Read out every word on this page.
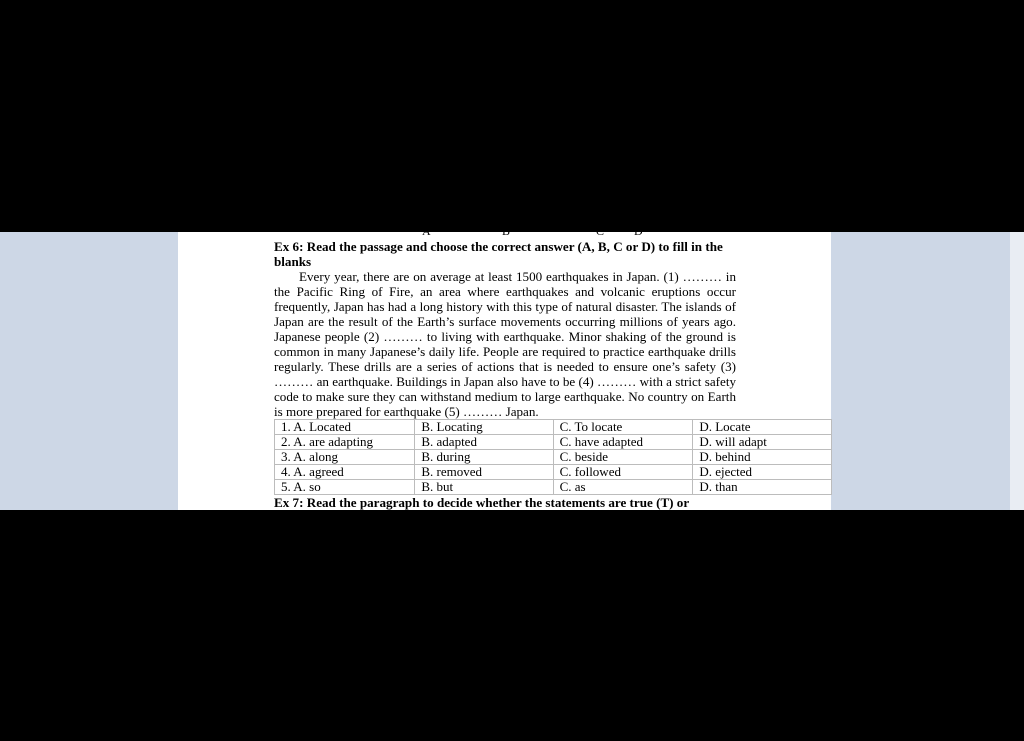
A	B	C D

Ex 6: Read the passage and choose the correct answer (A, B, C or D) to fill in the blanks

Every year, there are on average at least 1500 earthquakes in Japan. (1) ……… in the Pacific Ring of Fire, an area where earthquakes and volcanic eruptions occur frequently, Japan has had a long history with this type of natural disaster. The islands of Japan are the result of the Earth’s surface movements occurring millions of years ago. Japanese people (2) ……… to living with earthquake. Minor shaking of the ground is common in many Japanese’s daily life. People are required to practice earthquake drills regularly. These drills are a series of actions that is needed to ensure one’s safety (3) ……… an earthquake. Buildings in Japan also have to be (4) ……… with a strict safety code to make sure they can withstand medium to large earthquake. No country on Earth is more prepared for earthquake (5) ……… Japan.

1. A. Located	B. Locating	C. To locate	D. Locate
2. A. are adapting	B. adapted	C. have adapted	D. will adapt
3. A. along	B. during	C. beside	D. behind
4. A. agreed	B. removed	C. followed	D. ejected
5. A. so	B. but	C. as	D. than

Ex 7: Read the paragraph to decide whether the statements are true (T) or
